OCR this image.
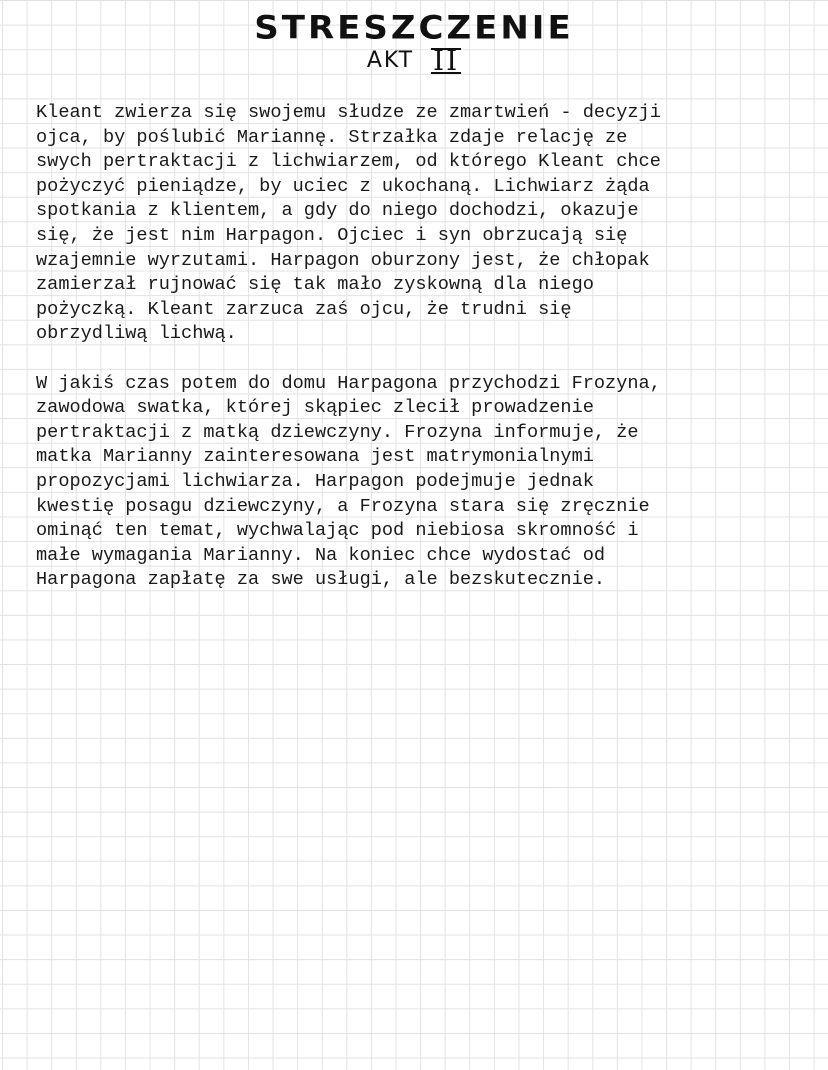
STRESZCZENIE
AKT II
Kleant zwierza się swojemu słudze ze zmartwień - decyzji
ojca, by poślubić Mariannę. Strzałka zdaje relację ze
swych pertraktacji z lichwiarzem, od którego Kleant chce
pożyczyć pieniądze, by uciec z ukochaną. Lichwiarz żąda
spotkania z klientem, a gdy do niego dochodzi, okazuje
się, że jest nim Harpagon. Ojciec i syn obrzucają się
wzajemnie wyrzutami. Harpagon oburzony jest, że chłopak
zamierzał rujnować się tak mało zyskowną dla niego
pożyczką. Kleant zarzuca zaś ojcu, że trudni się
obrzydliwą lichwą.
W jakiś czas potem do domu Harpagona przychodzi Frozyna,
zawodowa swatka, której skąpiec zlecił prowadzenie
pertraktacji z matką dziewczyny. Frozyna informuje, że
matka Marianny zainteresowana jest matrymonialnymi
propozycjami lichwiarza. Harpagon podejmuje jednak
kwestię posagu dziewczyny, a Frozyna stara się zręcznie
ominąć ten temat, wychwalając pod niebiosa skromność i
małe wymagania Marianny. Na koniec chce wydostać od
Harpagona zapłatę za swe usługi, ale bezskutecznie.
